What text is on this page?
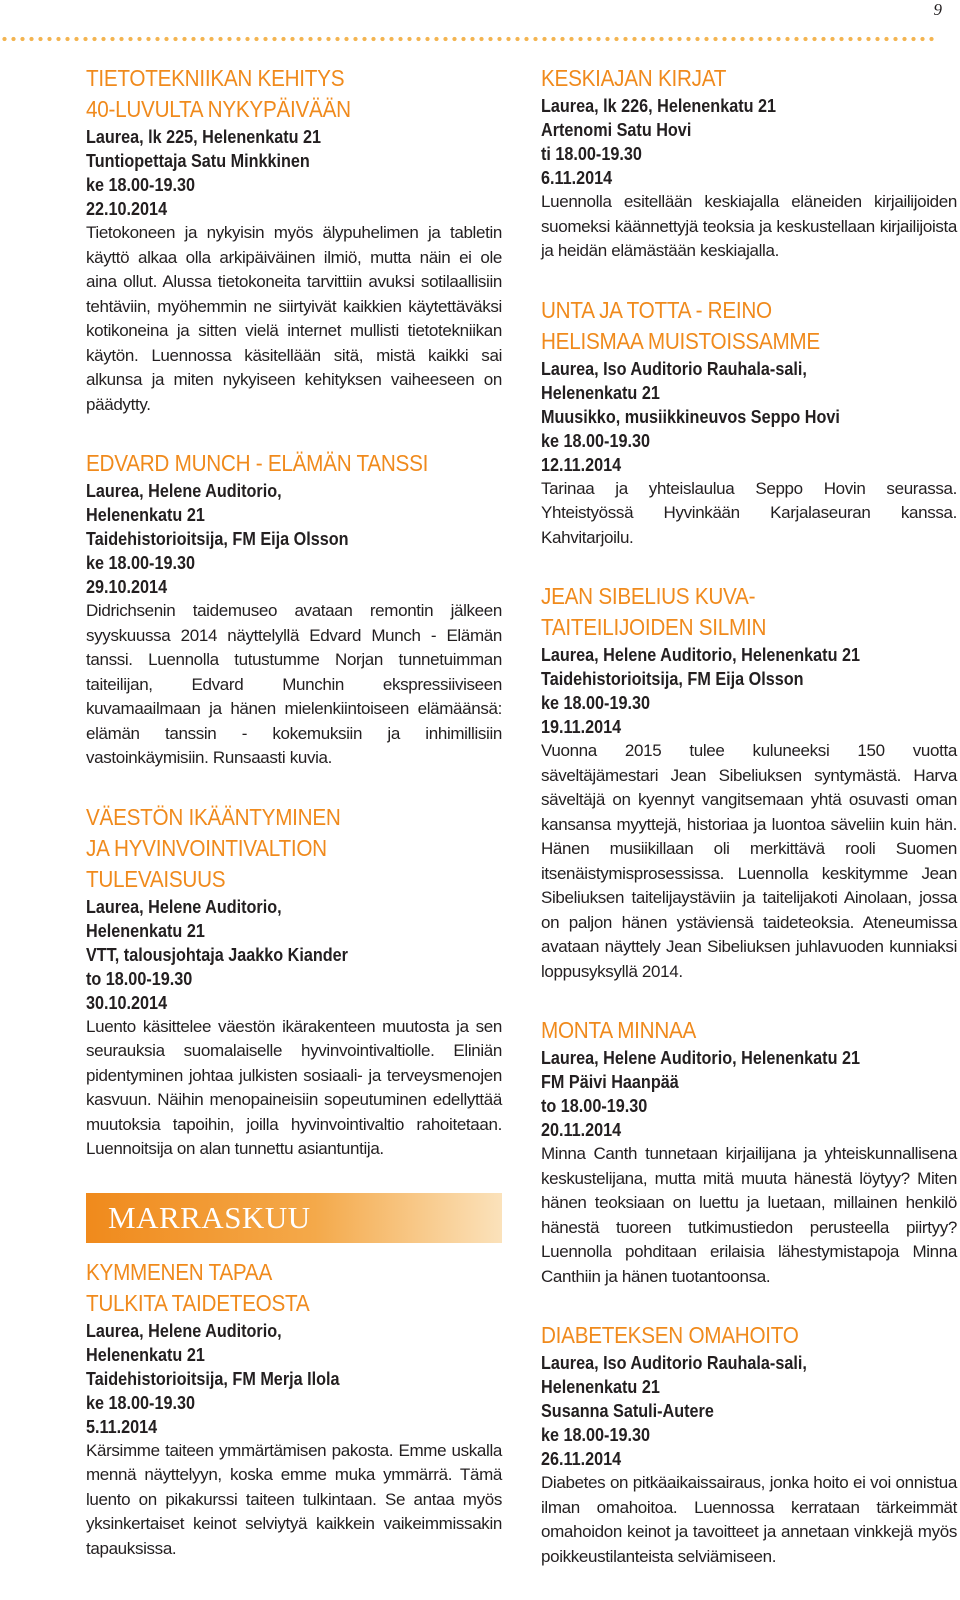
9
TIETOTEKNIIKAN KEHITYS
40-LUVULTA NYKYPÄIVÄÄN
Laurea, lk 225, Helenenkatu 21
Tuntiopettaja Satu Minkkinen
ke 18.00-19.30
22.10.2014
Tietokoneen ja nykyisin myös älypuhelimen ja tabletin käyttö alkaa olla arkipäiväinen ilmiö, mutta näin ei ole aina ollut. Alussa tietokoneita tarvittiin avuksi sotilaallisiin tehtäviin, myöhemmin ne siirtyivät kaikkien käytettäväksi kotikoneina ja sitten vielä internet mullisti tietotekniikan käytön. Luennossa käsitellään sitä, mistä kaikki sai alkunsa ja miten nykyiseen kehityksen vaiheeseen on päädytty.
EDVARD MUNCH - ELÄMÄN TANSSI
Laurea, Helene Auditorio,
Helenenkatu 21
Taidehistorioitsija, FM Eija Olsson
ke 18.00-19.30
29.10.2014
Didrichsenin taidemuseo avataan remontin jälkeen syyskuussa 2014 näyttelyllä Edvard Munch - Elämän tanssi. Luennolla tutustumme Norjan tunnetuimman taiteilijan, Edvard Munchin ekspressiiviseen kuvamaailmaan ja hänen mielenkiintoiseen elämäänsä: elämän tanssin - kokemuksiin ja inhimillisiin vastoinkäymisiin. Runsaasti kuvia.
VÄESTÖN IKÄÄNTYMINEN
JA HYVINVOINTIVALTION
TULEVAISUUS
Laurea, Helene Auditorio,
Helenenkatu 21
VTT, talousjohtaja Jaakko Kiander
to 18.00-19.30
30.10.2014
Luento käsittelee väestön ikärakenteen muutosta ja sen seurauksia suomalaiselle hyvinvointivaltiolle. Eliniän pidentyminen johtaa julkisten sosiaali- ja terveysmenojen kasvuun. Näihin menopaineisiin sopeutuminen edellyttää muutoksia tapoihin, joilla hyvinvointivaltio rahoitetaan. Luennoitsija on alan tunnettu asiantuntija.
MARRASKUU
KYMMENEN TAPAA
TULKITA TAIDETEOSTA
Laurea, Helene Auditorio,
Helenenkatu 21
Taidehistorioitsija, FM Merja Ilola
ke 18.00-19.30
5.11.2014
Kärsimme taiteen ymmärtämisen pakosta. Emme uskalla mennä näyttelyyn, koska emme muka ymmärrä. Tämä luento on pikakurssi taiteen tulkintaan. Se antaa myös yksinkertaiset keinot selviytyä kaikkein vaikeimmissakin tapauksissa.
KESKIAJAN KIRJAT
Laurea, lk 226, Helenenkatu 21
Artenomi Satu Hovi
ti 18.00-19.30
6.11.2014
Luennolla esitellään keskiajalla eläneiden kirjailijoiden suomeksi käännettyjä teoksia ja keskustellaan kirjailijoista ja heidän elämästään keskiajalla.
UNTA JA TOTTA - REINO
HELISMAA MUISTOISSAMME
Laurea, Iso Auditorio Rauhala-sali,
Helenenkatu 21
Muusikko, musiikkineuvos Seppo Hovi
ke 18.00-19.30
12.11.2014
Tarinaa ja yhteislaulua Seppo Hovin seurassa. Yhteistyössä Hyvinkään Karjalaseuran kanssa. Kahvitarjoilu.
JEAN SIBELIUS KUVA-
TAITEILIJOIDEN SILMIN
Laurea, Helene Auditorio, Helenenkatu 21
Taidehistorioitsija, FM Eija Olsson
ke 18.00-19.30
19.11.2014
Vuonna 2015 tulee kuluneeksi 150 vuotta säveltäjämestari Jean Sibeliuksen syntymästä. Harva säveltäjä on kyennyt vangitsemaan yhtä osuvasti oman kansansa myyttejä, historiaa ja luontoa säveliin kuin hän. Hänen musiikillaan oli merkittävä rooli Suomen itsenäistymisprosessissa. Luennolla keskitymme Jean Sibeliuksen taitelijaystäviin ja taitelijakoti Ainolaan, jossa on paljon hänen ystäviensä taideteoksia. Ateneumissa avataan näyttely Jean Sibeliuksen juhlavuoden kunniaksi loppusyksyllä 2014.
MONTA MINNAA
Laurea, Helene Auditorio, Helenenkatu 21
FM Päivi Haanpää
to 18.00-19.30
20.11.2014
Minna Canth tunnetaan kirjailijana ja yhteiskunnallisena keskustelijana, mutta mitä muuta hänestä löytyy? Miten hänen teoksiaan on luettu ja luetaan, millainen henkilö hänestä tuoreen tutkimustiedon perusteella piirtyy? Luennolla pohditaan erilaisia lähestymistapoja Minna Canthiin ja hänen tuotantoonsa.
DIABETEKSEN OMAHOITO
Laurea, Iso Auditorio Rauhala-sali,
Helenenkatu 21
Susanna Satuli-Autere
ke 18.00-19.30
26.11.2014
Diabetes on pitkäaikaissairaus, jonka hoito ei voi onnistua ilman omahoitoa. Luennossa kerrataan tärkeimmät omahoidon keinot ja tavoitteet ja annetaan vinkkejä myös poikkeustilanteista selviämiseen.
